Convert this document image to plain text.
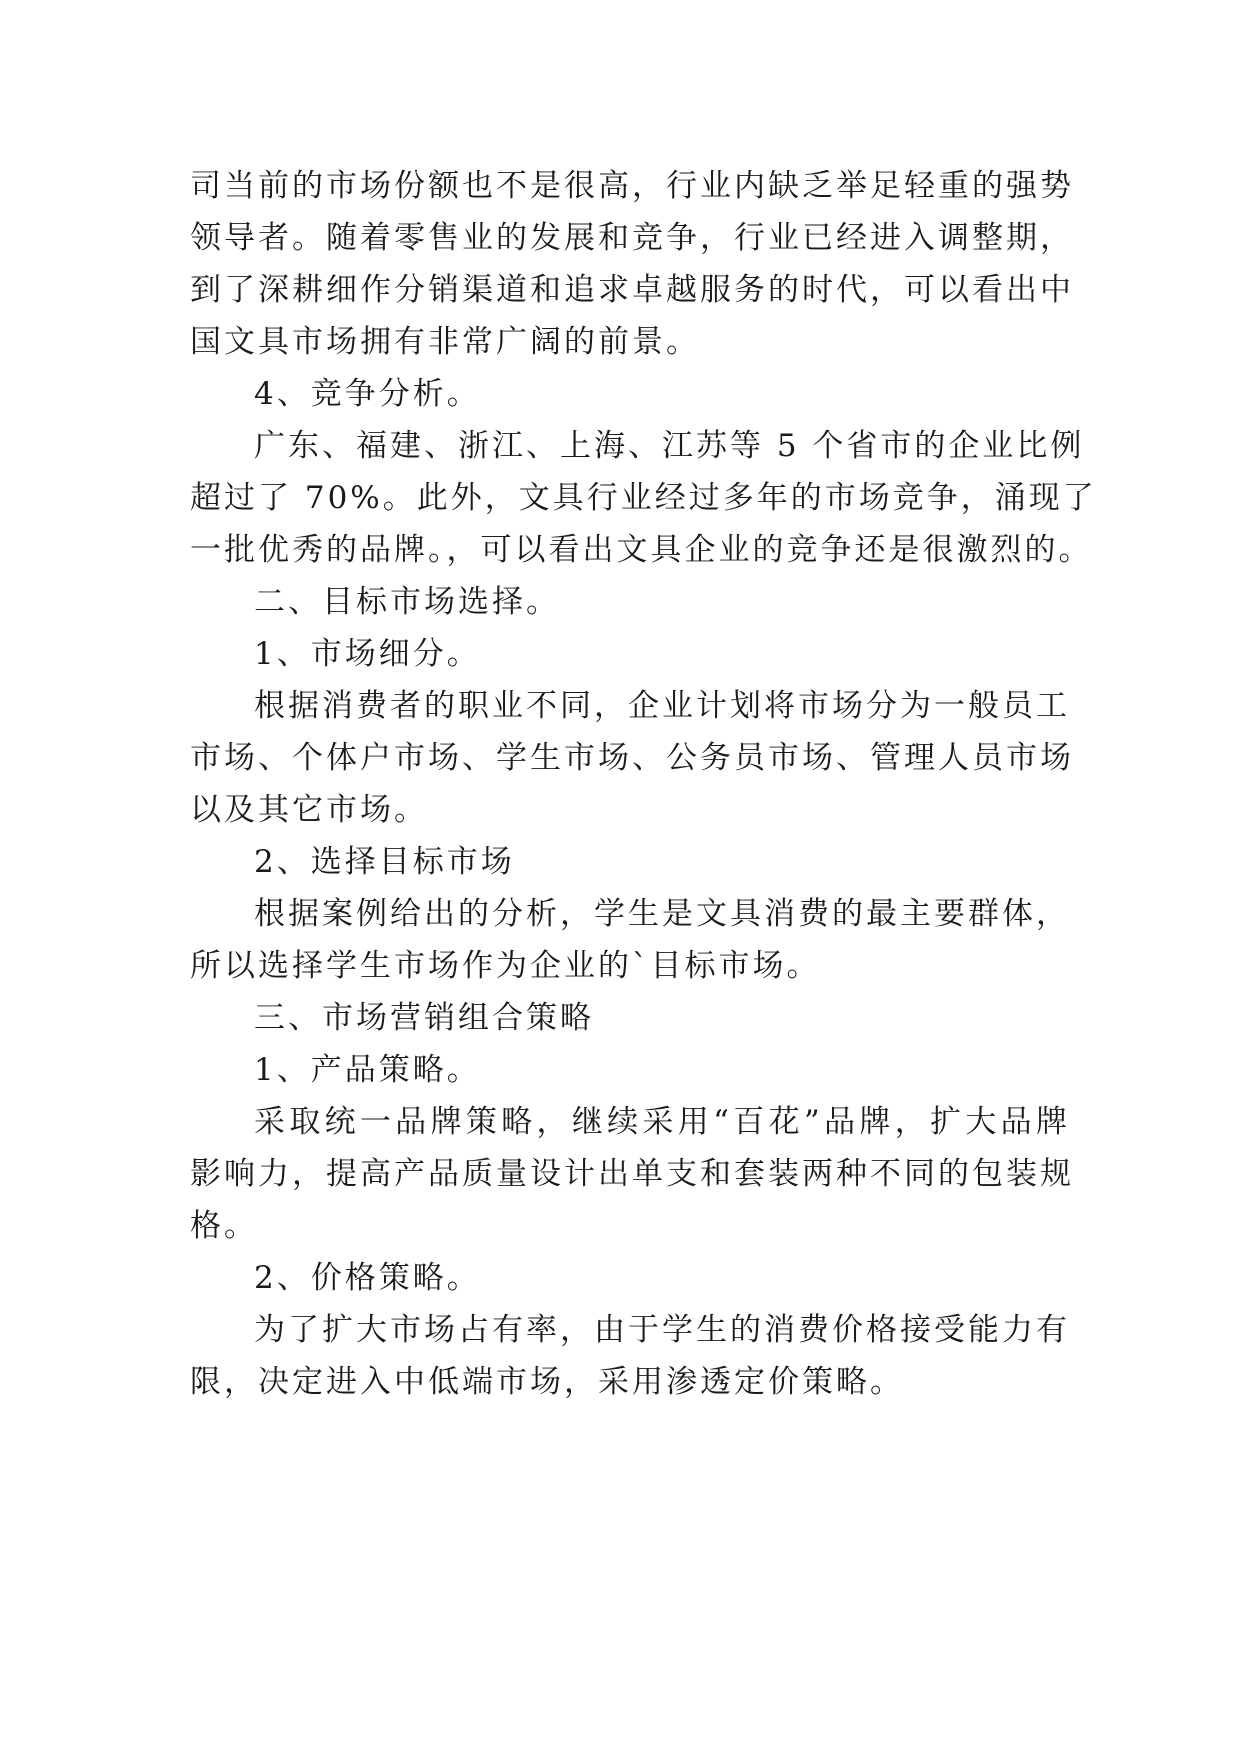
司当前的市场份额也不是很高，行业内缺乏举足轻重的强势
领导者。随着零售业的发展和竞争，行业已经进入调整期，
到了深耕细作分销渠道和追求卓越服务的时代，可以看出中
国文具市场拥有非常广阔的前景。
4、竞争分析。
广东、福建、浙江、上海、江苏等 5 个省市的企业比例
超过了 70%。此外，文具行业经过多年的市场竞争，涌现了
一批优秀的品牌。，可以看出文具企业的竞争还是很激烈的。
二、目标市场选择。
1、市场细分。
根据消费者的职业不同，企业计划将市场分为一般员工
市场、个体户市场、学生市场、公务员市场、管理人员市场
以及其它市场。
2、选择目标市场
根据案例给出的分析，学生是文具消费的最主要群体，
所以选择学生市场作为企业的`目标市场。
三、市场营销组合策略
1、产品策略。
采取统一品牌策略，继续采用“百花”品牌，扩大品牌
影响力，提高产品质量设计出单支和套装两种不同的包装规
格。
2、价格策略。
为了扩大市场占有率，由于学生的消费价格接受能力有
限，决定进入中低端市场，采用渗透定价策略。
